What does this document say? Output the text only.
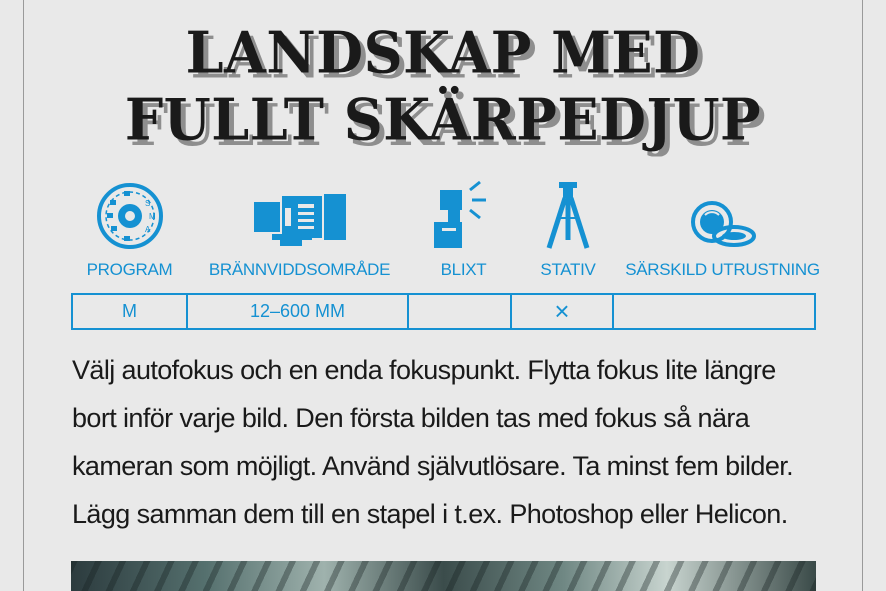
LANDSKAP MED
FULLT SKÄRPEDJUP
S
M
A
PROGRAM	BRÄNNVIDDSOMRÅDE	BLIXT	STATIV	SÄRSKILD UTRUSTNING
M	12–600 MM		×	

Välj autofokus och en enda fokuspunkt. Flytta fokus lite längre
bort inför varje bild. Den första bilden tas med fokus så nära
kameran som möjligt. Använd självutlösare. Ta minst fem bilder.
Lägg samman dem till en stapel i t.ex. Photoshop eller Helicon.
